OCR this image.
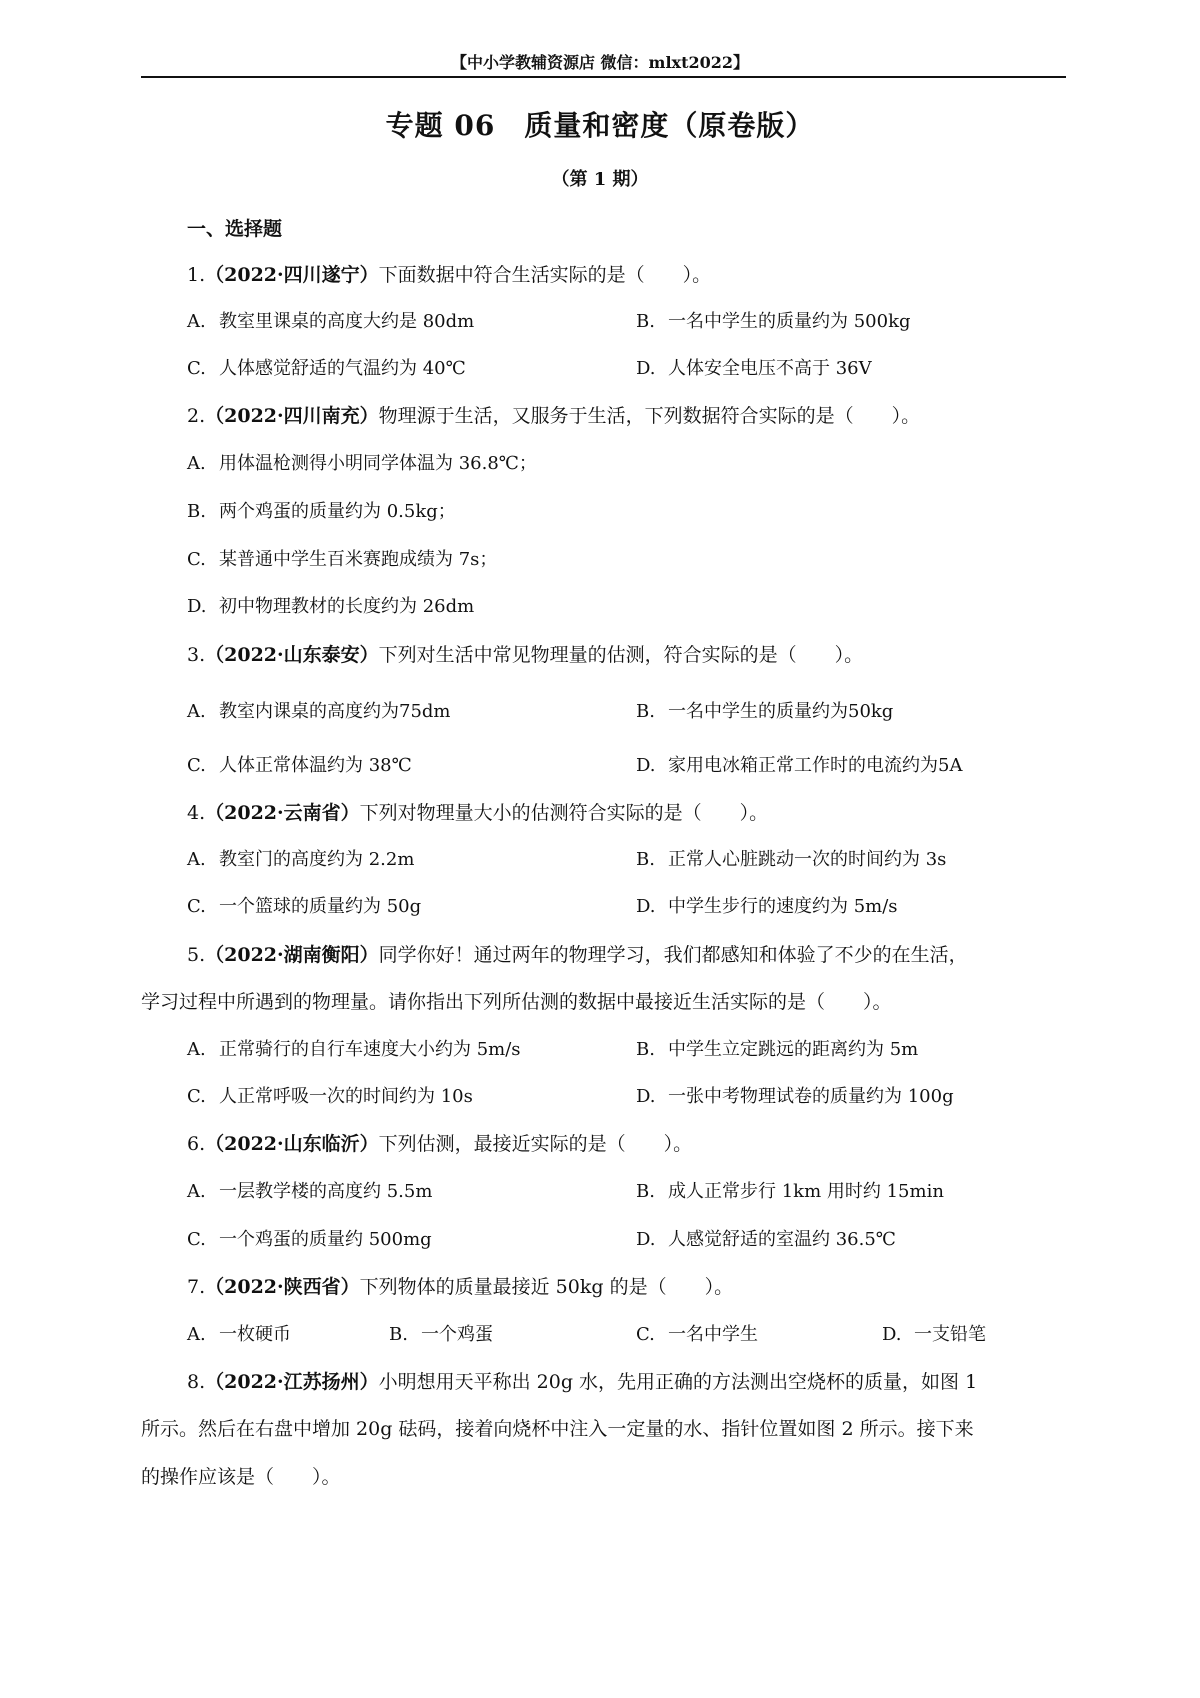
【中小学教辅资源店 微信：mlxt2022】
专题 06　质量和密度（原卷版）
（第 1 期）
一、选择题
1.（2022·四川遂宁）下面数据中符合生活实际的是（　　）。
A. 教室里课桌的高度大约是 80dm	B. 一名中学生的质量约为 500kg
C. 人体感觉舒适的气温约为 40℃	D. 人体安全电压不高于 36V
2.（2022·四川南充）物理源于生活，又服务于生活，下列数据符合实际的是（　　）。
A. 用体温枪测得小明同学体温为 36.8℃；
B. 两个鸡蛋的质量约为 0.5kg；
C. 某普通中学生百米赛跑成绩为 7s；
D. 初中物理教材的长度约为 26dm
3.（2022·山东泰安）下列对生活中常见物理量的估测，符合实际的是（　　）。
A. 教室内课桌的高度约为75dm	B. 一名中学生的质量约为50kg
C. 人体正常体温约为 38℃	D. 家用电冰箱正常工作时的电流约为5A
4.（2022·云南省）下列对物理量大小的估测符合实际的是（　　）。
A. 教室门的高度约为 2.2m	B. 正常人心脏跳动一次的时间约为 3s
C. 一个篮球的质量约为 50g	D. 中学生步行的速度约为 5m/s
5.（2022·湖南衡阳）同学你好！通过两年的物理学习，我们都感知和体验了不少的在生活，
学习过程中所遇到的物理量。请你指出下列所估测的数据中最接近生活实际的是（　　）。
A. 正常骑行的自行车速度大小约为 5m/s	B. 中学生立定跳远的距离约为 5m
C. 人正常呼吸一次的时间约为 10s	D. 一张中考物理试卷的质量约为 100g
6.（2022·山东临沂）下列估测，最接近实际的是（　　）。
A. 一层教学楼的高度约 5.5m	B. 成人正常步行 1km 用时约 15min
C. 一个鸡蛋的质量约 500mg	D. 人感觉舒适的室温约 36.5℃
7.（2022·陕西省）下列物体的质量最接近 50kg 的是（　　）。
A. 一枚硬币	B. 一个鸡蛋	C. 一名中学生	D. 一支铅笔
8.（2022·江苏扬州）小明想用天平称出 20g 水，先用正确的方法测出空烧杯的质量，如图 1
所示。然后在右盘中增加 20g 砝码，接着向烧杯中注入一定量的水、指针位置如图 2 所示。接下来
的操作应该是（　　）。
